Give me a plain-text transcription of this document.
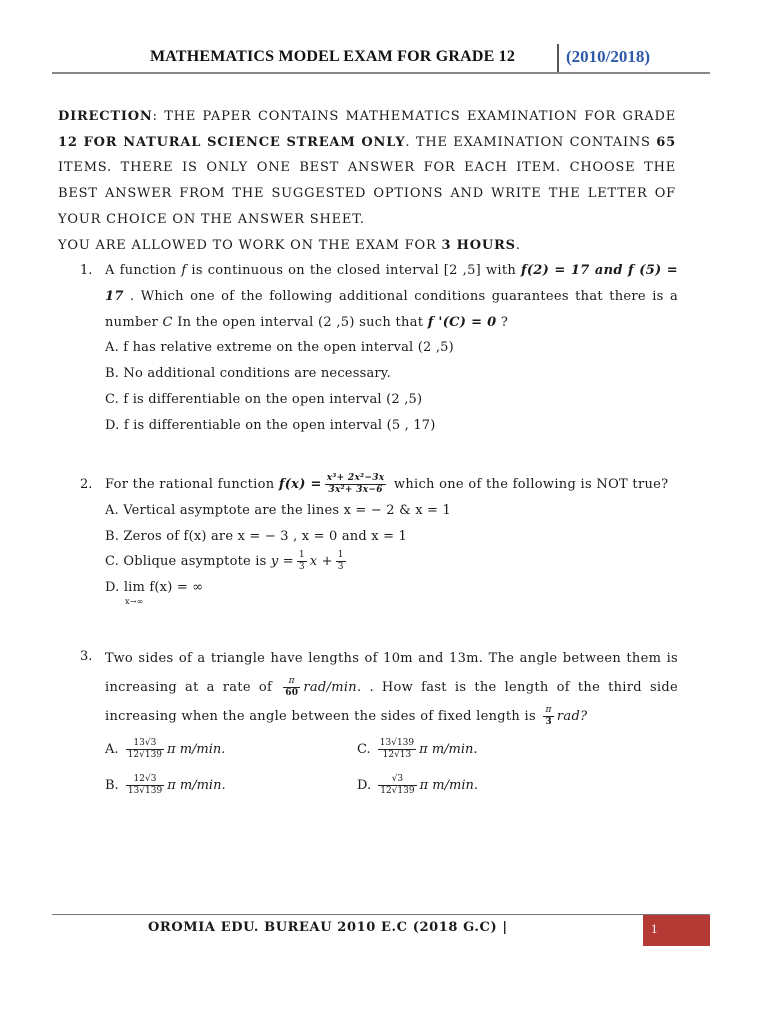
MATHEMATICS MODEL EXAM FOR GRADE 12	(2010/2018)

DIRECTION: THE PAPER CONTAINS MATHEMATICS EXAMINATION FOR GRADE 12 FOR NATURAL SCIENCE STREAM ONLY. THE EXAMINATION CONTAINS 65 ITEMS. THERE IS ONLY ONE BEST ANSWER FOR EACH ITEM. CHOOSE THE BEST ANSWER FROM THE SUGGESTED OPTIONS AND WRITE THE LETTER OF YOUR CHOICE ON THE ANSWER SHEET.

YOU ARE ALLOWED TO WORK ON THE EXAM FOR 3 HOURS.

1. A function f is continuous on the closed interval [2 ,5] with f(2) = 17 and f (5) = 17 . Which one of the following additional conditions guarantees that there is a number C In the open interval (2 ,5) such that f '(C) = 0 ?
A. f has relative extreme on the open interval (2 ,5)
B. No additional conditions are necessary.
C. f is differentiable on the open interval (2 ,5)
D. f is differentiable on the open interval (5 , 17)
2. For the rational function $f(x) = \frac{\text{x³+ 2x²−3x}}{\text{3x²+ 3x−6}}$ which one of the following is NOT true?
A. Vertical asymptote are the lines x = − 2 & x = 1
B. Zeros of f(x) are x = − 3 , x = 0 and x = 1
C. Oblique asymptote is $y = \frac{1}{3}$ $x + \frac{1}{3}$
D. lim f(x) = ∞
x→∞
3. Two sides of a triangle have lengths of 10m and 13m. The angle between them is increasing at a rate of $\frac{\pi}{60} rad/\min$. . How fast is the length of the third side increasing when the angle between the sides of fixed length is $\frac{\pi}{3}$ rad?
A. $\frac{13√3}{12√139}$ π m/min.	C. $\frac{13√139}{12√13}$ π m/min.
B. $\frac{12√3}{13√139}$ π m/min.	D. $\frac{√3}{12√139}$ π m/min.
OROMIA EDU. BUREAU 2010 E.C (2018 G.C) |	1
